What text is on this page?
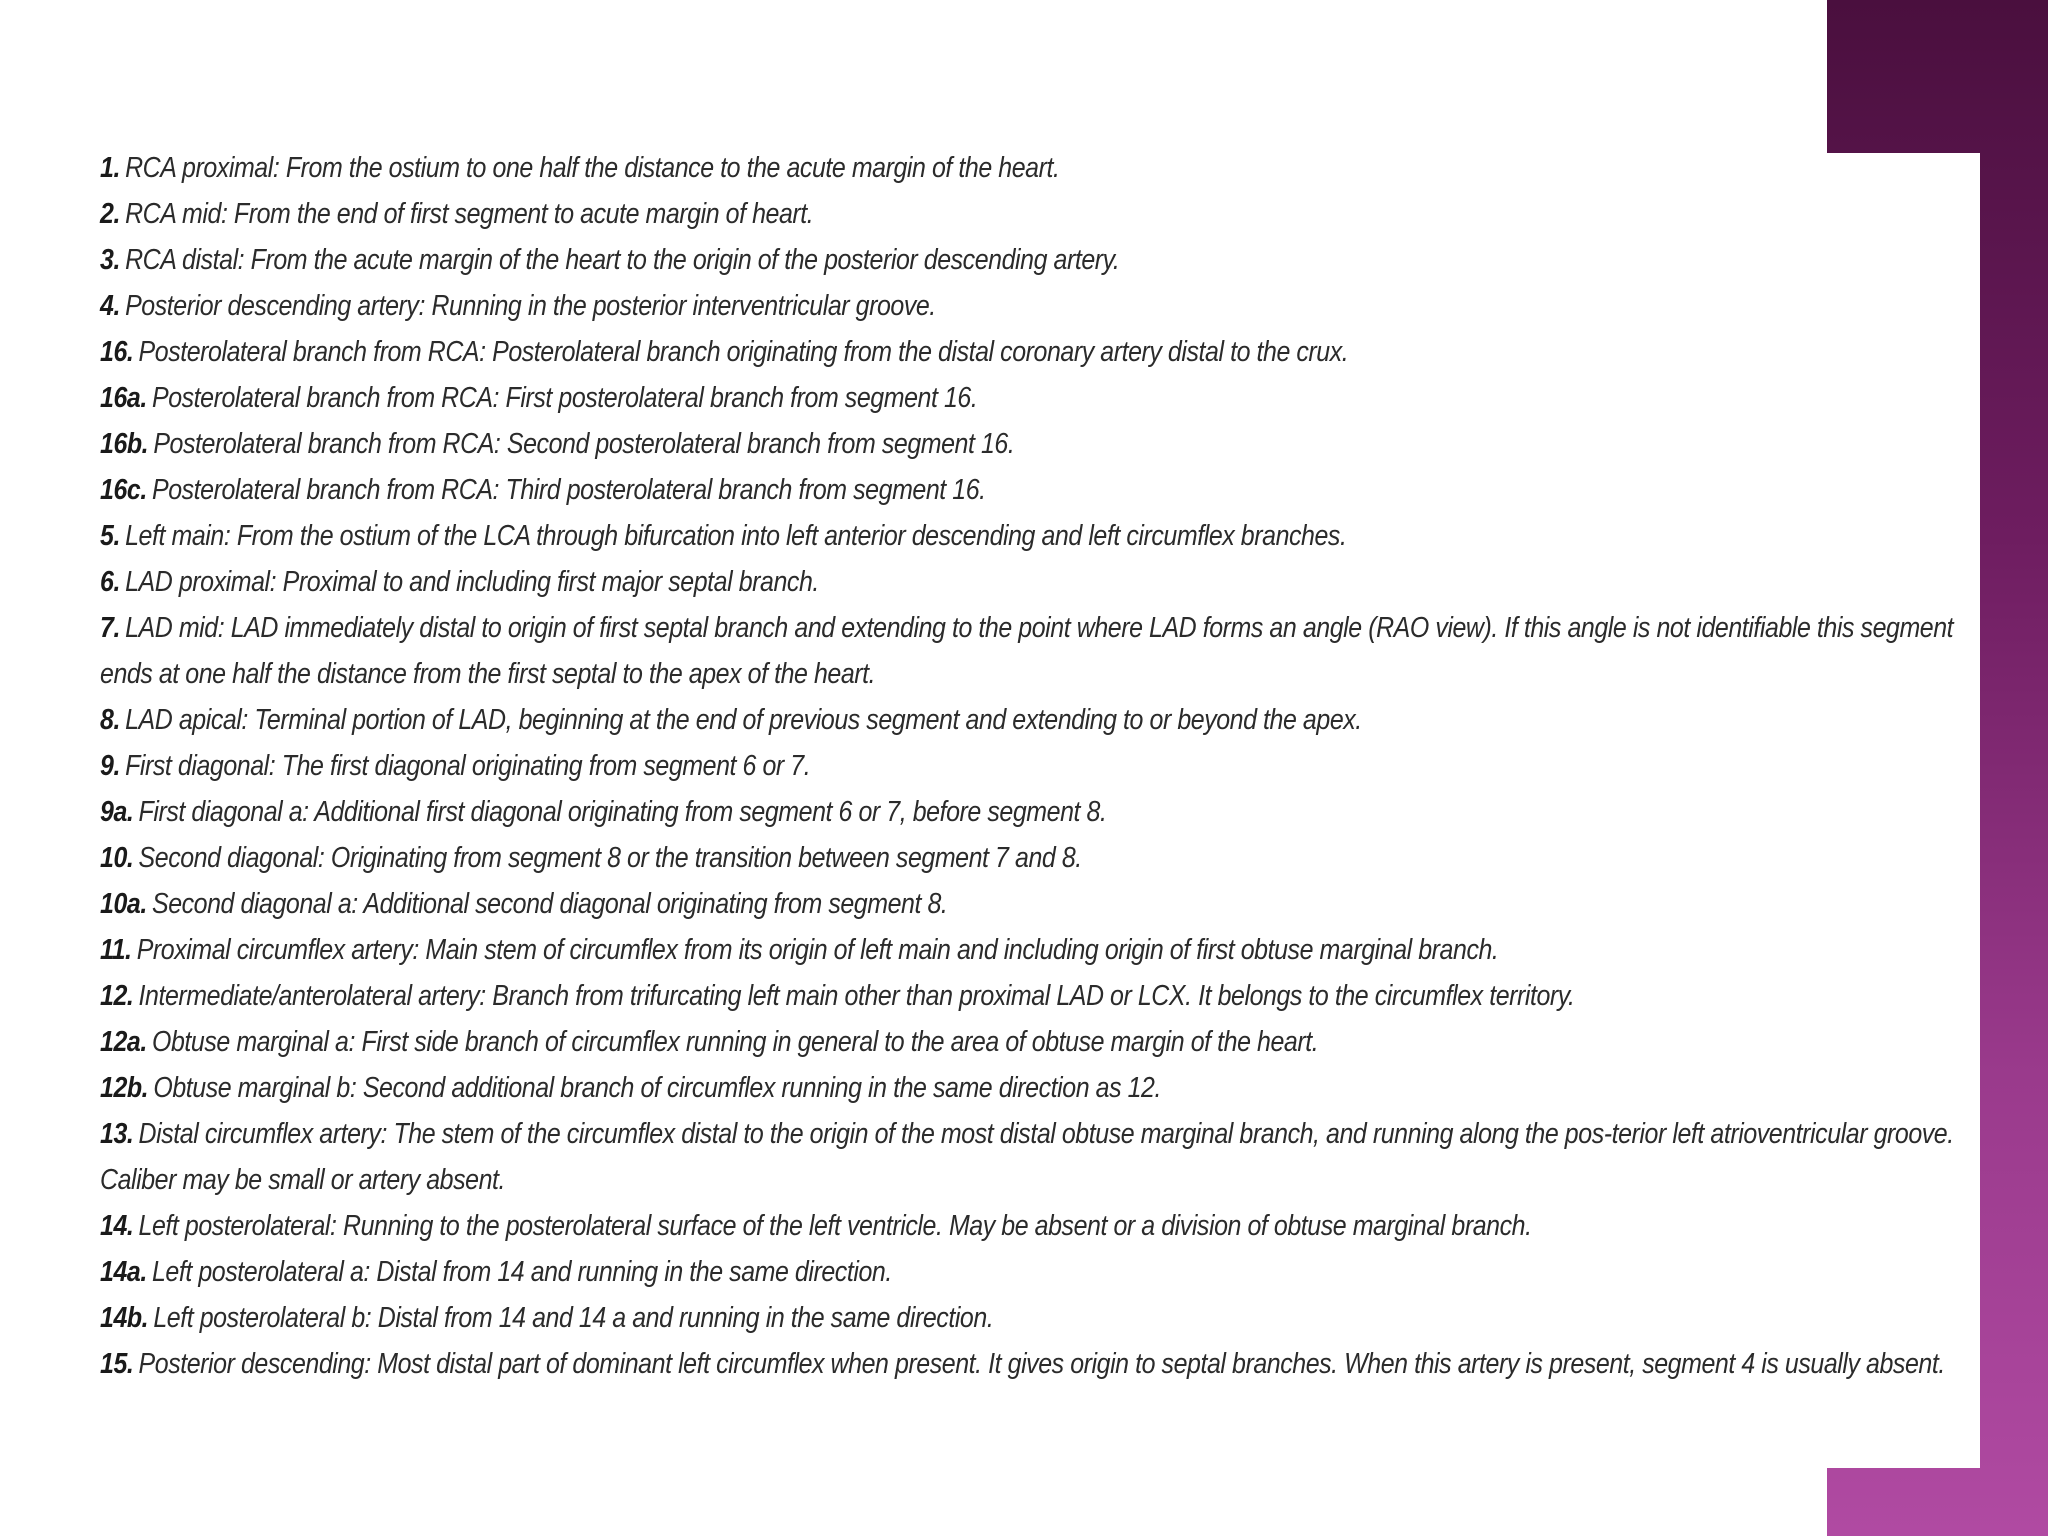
1. RCA proximal: From the ostium to one half the distance to the acute margin of the heart.
2. RCA mid: From the end of first segment to acute margin of heart.
3. RCA distal: From the acute margin of the heart to the origin of the posterior descending artery.
4. Posterior descending artery: Running in the posterior interventricular groove.
16. Posterolateral branch from RCA: Posterolateral branch originating from the distal coronary artery distal to the crux.
16a. Posterolateral branch from RCA: First posterolateral branch from segment 16.
16b. Posterolateral branch from RCA: Second posterolateral branch from segment 16.
16c. Posterolateral branch from RCA: Third posterolateral branch from segment 16.
5. Left main: From the ostium of the LCA through bifurcation into left anterior descending and left circumflex branches.
6. LAD proximal: Proximal to and including first major septal branch.
7. LAD mid: LAD immediately distal to origin of first septal branch and extending to the point where LAD forms an angle (RAO view). If this angle is not identifiable this segment ends at one half the distance from the first septal to the apex of the heart.
8. LAD apical: Terminal portion of LAD, beginning at the end of previous segment and extending to or beyond the apex.
9. First diagonal: The first diagonal originating from segment 6 or 7.
9a. First diagonal a: Additional first diagonal originating from segment 6 or 7, before segment 8.
10. Second diagonal: Originating from segment 8 or the transition between segment 7 and 8.
10a. Second diagonal a: Additional second diagonal originating from segment 8.
11. Proximal circumflex artery: Main stem of circumflex from its origin of left main and including origin of first obtuse marginal branch.
12. Intermediate/anterolateral artery: Branch from trifurcating left main other than proximal LAD or LCX. It belongs to the circumflex territory.
12a. Obtuse marginal a: First side branch of circumflex running in general to the area of obtuse margin of the heart.
12b. Obtuse marginal b: Second additional branch of circumflex running in the same direction as 12.
13. Distal circumflex artery: The stem of the circumflex distal to the origin of the most distal obtuse marginal branch, and running along the pos-terior left atrioventricular groove. Caliber may be small or artery absent.
14. Left posterolateral: Running to the posterolateral surface of the left ventricle. May be absent or a division of obtuse marginal branch.
14a. Left posterolateral a: Distal from 14 and running in the same direction.
14b. Left posterolateral b: Distal from 14 and 14 a and running in the same direction.
15. Posterior descending: Most distal part of dominant left circumflex when present. It gives origin to septal branches. When this artery is present, segment 4 is usually absent.
